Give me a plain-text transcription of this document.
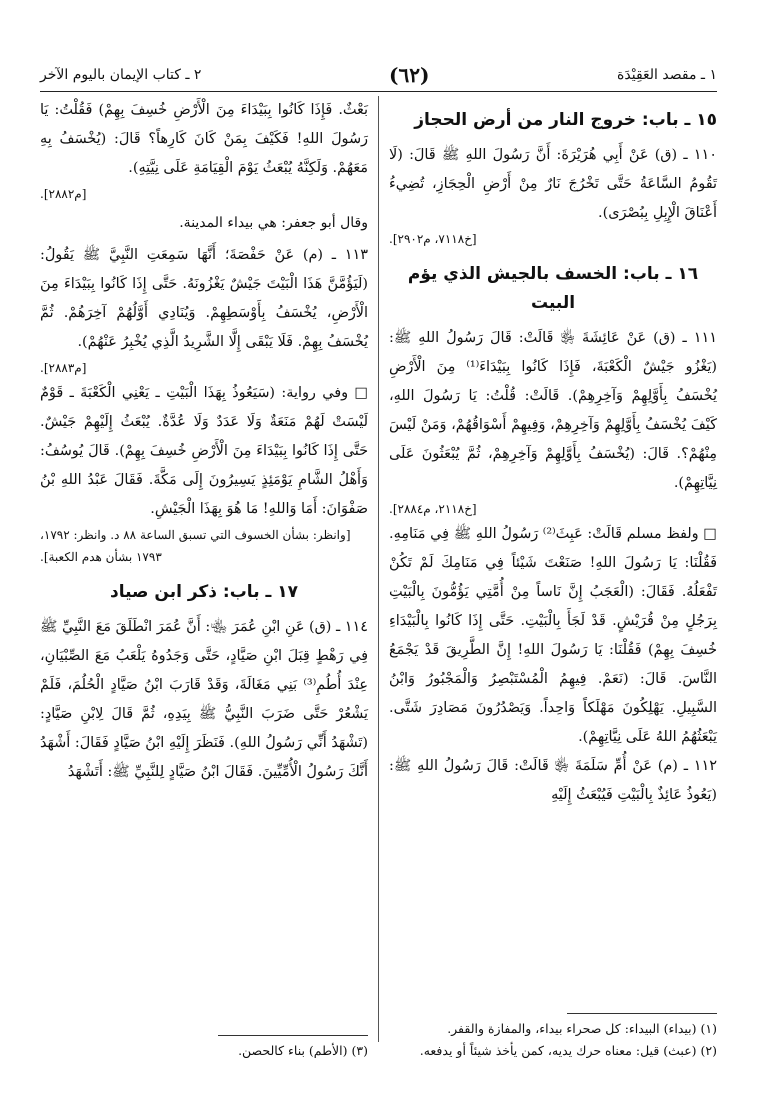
١ ـ مقصد العَقِيْدَة
(٦٢)
٢ ـ كتاب الإيمان باليوم الآخر
١٥ ـ باب: خروج النار من أرض الحجاز

١١٠ ـ (ق) عَنْ أَبِي هُرَيْرَةَ: أَنَّ رَسُولَ اللهِ ﷺ قَالَ: (لَا تَقُومُ السَّاعَةُ حَتَّى تَخْرُجَ نَارٌ مِنْ أَرْضِ الْحِجَازِ، تُضِيءُ أَعْنَاقَ الْإِبِلِ بِبُصْرَى).

[خ٧١١٨، م٢٩٠٢].

١٦ ـ باب: الخسف بالجيش الذي يؤم البيت

١١١ ـ (ق) عَنْ عَائِشَةَ ﵂ قَالَتْ: قَالَ رَسُولُ اللهِ ﷺ: (يَغْزُو جَيْشٌ الْكَعْبَةَ، فَإِذَا كَانُوا بِبَيْدَاءَ⁽¹⁾ مِنَ الْأَرْضِ يُخْسَفُ بِأَوَّلِهِمْ وَآخِرِهِمْ). قَالَتْ: قُلْتُ: يَا رَسُولَ اللهِ، كَيْفَ يُخْسَفُ بِأَوَّلِهِمْ وَآخِرِهِمْ، وَفِيهِمْ أَسْوَاقُهُمْ، وَمَنْ لَيْسَ مِنْهُمْ؟. قَالَ: (يُخْسَفُ بِأَوَّلِهِمْ وَآخِرِهِمْ، ثُمَّ يُبْعَثُونَ عَلَى نِيَّاتِهِمْ).

[خ٢١١٨، م٢٨٨٤].

□ ولفظ مسلم قَالَتْ: عَبِثَ⁽²⁾ رَسُولُ اللهِ ﷺ فِي مَنَامِهِ. فَقُلْنَا: يَا رَسُولَ اللهِ! صَنَعْتَ شَيْئاً فِي مَنَامِكَ لَمْ تَكُنْ تَفْعَلُهُ. فَقَالَ: (الْعَجَبُ إِنَّ نَاساً مِنْ أُمَّتِي يَؤُمُّونَ بِالْبَيْتِ بِرَجُلٍ مِنْ قُرَيْشٍ. قَدْ لَجَأَ بِالْبَيْتِ. حَتَّى إِذَا كَانُوا بِالْبَيْدَاءِ خُسِفَ بِهِمْ) فَقُلْنَا: يَا رَسُولَ اللهِ! إِنَّ الطَّرِيقَ قَدْ يَجْمَعُ النَّاسَ. قَالَ: (نَعَمْ. فِيهِمُ الْمُسْتَبْصِرُ وَالْمَجْبُورُ وَابْنُ السَّبِيلِ. يَهْلِكُونَ مَهْلَكاً وَاحِداً. وَيَصْدُرُونَ مَصَادِرَ شَتَّى. يَبْعَثُهُمُ اللهُ عَلَى نِيَّاتِهِمْ).

١١٢ ـ (م) عَنْ أُمِّ سَلَمَةَ ﵂ قَالَتْ: قَالَ رَسُولُ اللهِ ﷺ: (يَعُوذُ عَائِذٌ بِالْبَيْتِ فَيُبْعَثُ إِلَيْهِ

(١) (بيداء) البيداء: كل صحراء بيداء، والمفازة والقفر.

(٢) (عبث) قيل: معناه حرك يديه، كمن يأخذ شيئاً أو يدفعه.

بَعْثٌ. فَإِذَا كَانُوا بِبَيْدَاءَ مِنَ الْأَرْضِ خُسِفَ بِهِمْ) فَقُلْتُ: يَا رَسُولَ اللهِ! فَكَيْفَ بِمَنْ كَانَ كَارِهاً؟ قَالَ: (يُخْسَفُ بِهِ مَعَهُمْ. وَلَكِنَّهُ يُبْعَثُ يَوْمَ الْقِيَامَةِ عَلَى نِيَّتِهِ).

[م٢٨٨٢].

وقال أبو جعفر: هي بيداء المدينة.

١١٣ ـ (م) عَنْ حَفْصَةَ؛ أَنَّهَا سَمِعَتِ النَّبِيَّ ﷺ يَقُولُ: (لَيَؤُمَّنَّ هَذَا الْبَيْتَ جَيْشٌ يَغْزُونَهُ. حَتَّى إِذَا كَانُوا بِبَيْدَاءَ مِنَ الْأَرْضِ، يُخْسَفُ بِأَوْسَطِهِمْ. وَيُنَادِي أَوَّلُهُمْ آخِرَهُمْ. ثُمَّ يُخْسَفُ بِهِمْ. فَلَا يَبْقَى إِلَّا الشَّرِيدُ الَّذِي يُخْبِرُ عَنْهُمْ).

[م٢٨٨٣].

□ وفي رواية: (سَيَعُوذُ بِهَذَا الْبَيْتِ ـ يَعْنِي الْكَعْبَةَ ـ قَوْمٌ لَيْسَتْ لَهُمْ مَنَعَةٌ وَلَا عَدَدٌ وَلَا عُدَّةٌ. يُبْعَثُ إِلَيْهِمْ جَيْشٌ. حَتَّى إِذَا كَانُوا بِبَيْدَاءَ مِنَ الْأَرْضِ خُسِفَ بِهِمْ). قَالَ يُوسُفُ: وَأَهْلُ الشَّامِ يَوْمَئِذٍ يَسِيرُونَ إِلَى مَكَّةَ. فَقَالَ عَبْدُ اللهِ بْنُ صَفْوَانَ: أَمَا وَاللهِ! مَا هُوَ بِهَذَا الْجَيْشِ.

[وانظر: بشأن الخسوف التي تسبق الساعة ٨٨ د. وانظر: ١٧٩٢، ١٧٩٣ بشأن هدم الكعبة].

١٧ ـ باب: ذكر ابن صياد

١١٤ ـ (ق) عَنِ ابْنِ عُمَرَ ﵄: أَنَّ عُمَرَ انْطَلَقَ مَعَ النَّبِيِّ ﷺ فِي رَهْطٍ قِبَلَ ابْنِ صَيَّادٍ، حَتَّى وَجَدُوهُ يَلْعَبُ مَعَ الصِّبْيَانِ، عِنْدَ أُطُمِ⁽³⁾ بَنِي مَغَالَةَ، وَقَدْ قَارَبَ ابْنُ صَيَّادٍ الْحُلُمَ، فَلَمْ يَشْعُرْ حَتَّى ضَرَبَ النَّبِيُّ ﷺ بِيَدِهِ، ثُمَّ قَالَ لِابْنِ صَيَّادٍ: (تَشْهَدُ أَنِّي رَسُولُ اللهِ). فَنَظَرَ إِلَيْهِ ابْنُ صَيَّادٍ فَقَالَ: أَشْهَدُ أَنَّكَ رَسُولُ الْأُمِّيِّينَ. فَقَالَ ابْنُ صَيَّادٍ لِلنَّبِيِّ ﷺ: أَتَشْهَدُ

(٣) (الأطم) بناء كالحصن.
